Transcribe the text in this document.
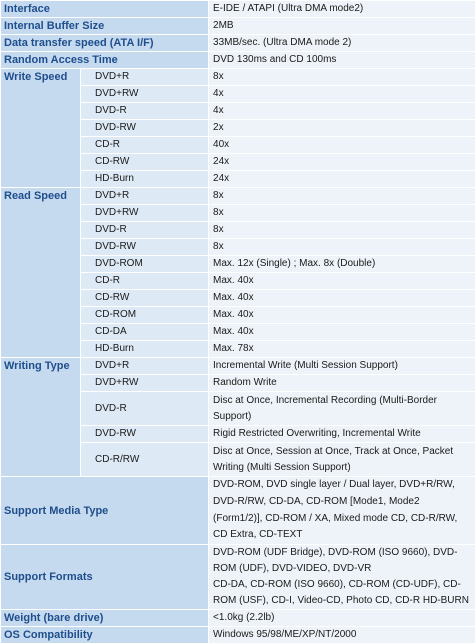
Interface		E-IDE / ATAPI (Ultra DMA mode2)
Internal Buffer Size		2MB
Data transfer speed (ATA I/F)		33MB/sec. (Ultra DMA mode 2)
Random Access Time		DVD 130ms and CD 100ms
Write Speed	DVD+R	8x
	DVD+RW	4x
	DVD-R	4x
	DVD-RW	2x
	CD-R	40x
	CD-RW	24x
	HD-Burn	24x
Read Speed	DVD+R	8x
	DVD+RW	8x
	DVD-R	8x
	DVD-RW	8x
	DVD-ROM	Max. 12x (Single) ; Max. 8x (Double)
	CD-R	Max. 40x
	CD-RW	Max. 40x
	CD-ROM	Max. 40x
	CD-DA	Max. 40x
	HD-Burn	Max. 78x
Writing Type	DVD+R	Incremental Write (Multi Session Support)

	DVD+RW	Random Write

	DVD-R	Disc at Once, Incremental Recording (Multi-Border
Support)

	DVD-RW	Rigid Restricted Overwriting, Incremental Write

	CD-R/RW	Disc at Once, Session at Once, Track at Once, Packet
Writing (Multi Session Support)

Support Media Type		DVD-ROM, DVD single layer / Dual layer, DVD+R/RW,
DVD-R/RW, CD-DA, CD-ROM [Mode1, Mode2
(Form1/2)], CD-ROM / XA, Mixed mode CD, CD-R/RW,
CD Extra, CD-TEXT

Support Formats		DVD-ROM (UDF Bridge), DVD-ROM (ISO 9660), DVD-
ROM (UDF), DVD-VIDEO, DVD-VR
CD-DA, CD-ROM (ISO 9660), CD-ROM (CD-UDF), CD-
ROM (USF), CD-I, Video-CD, Photo CD, CD-R HD-BURN

Weight (bare drive)		<1.0kg (2.2lb)
OS Compatibility		Windows 95/98/ME/XP/NT/2000
